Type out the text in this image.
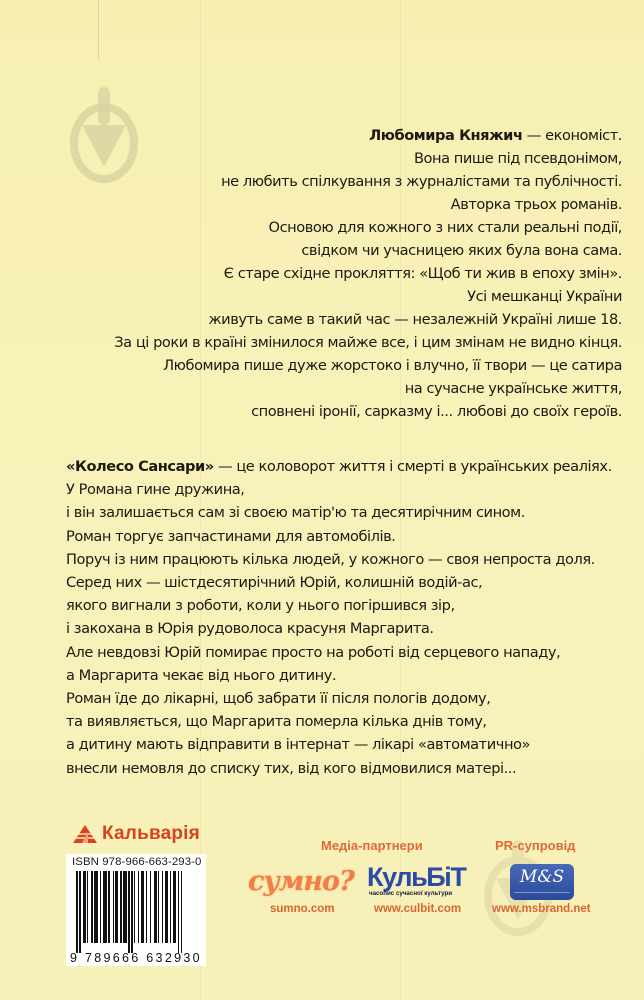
Любомира Княжич — економіст.
Вона пише під псевдонімом,
не любить спілкування з журналістами та публічності.
Авторка трьох романів.
Основою для кожного з них стали реальні події,
свідком чи учасницею яких була вона сама.
Є старе східне прокляття: «Щоб ти жив в епоху змін».
Усі мешканці України
живуть саме в такий час — незалежній Україні лише 18.
За ці роки в країні змінилося майже все, і цим змінам не видно кінця.
Любомира пише дуже жорстоко і влучно, її твори — це сатира
на сучасне українське життя,
сповнені іронії, сарказму і... любові до своїх героїв.
«Колесо Сансари» — це коловорот життя і смерті в українських реаліях.
У Романа гине дружина,
і він залишається сам зі своєю матір'ю та десятирічним сином.
Роман торгує запчастинами для автомобілів.
Поруч із ним працюють кілька людей, у кожного — своя непроста доля.
Серед них — шістдесятирічний Юрій, колишній водій-ас,
якого вигнали з роботи, коли у нього погіршився зір,
і закохана в Юрія рудоволоса красуня Маргарита.
Але невдовзі Юрій помирає просто на роботі від серцевого нападу,
а Маргарита чекає від нього дитину.
Роман їде до лікарні, щоб забрати її після пологів додому,
та виявляється, що Маргарита померла кілька днів тому,
а дитину мають відправити в інтернат — лікарі «автоматично»
внесли немовля до списку тих, від кого відмовилися матері...
Кальварія
ISBN 978-966-663-293-0
9 789666 632930
Медіа-партнери
сумно?
sumno.com
КульБіТ
часопис сучасної культури
www.culbit.com
PR-супровід
M&S
www.msbrand.net
